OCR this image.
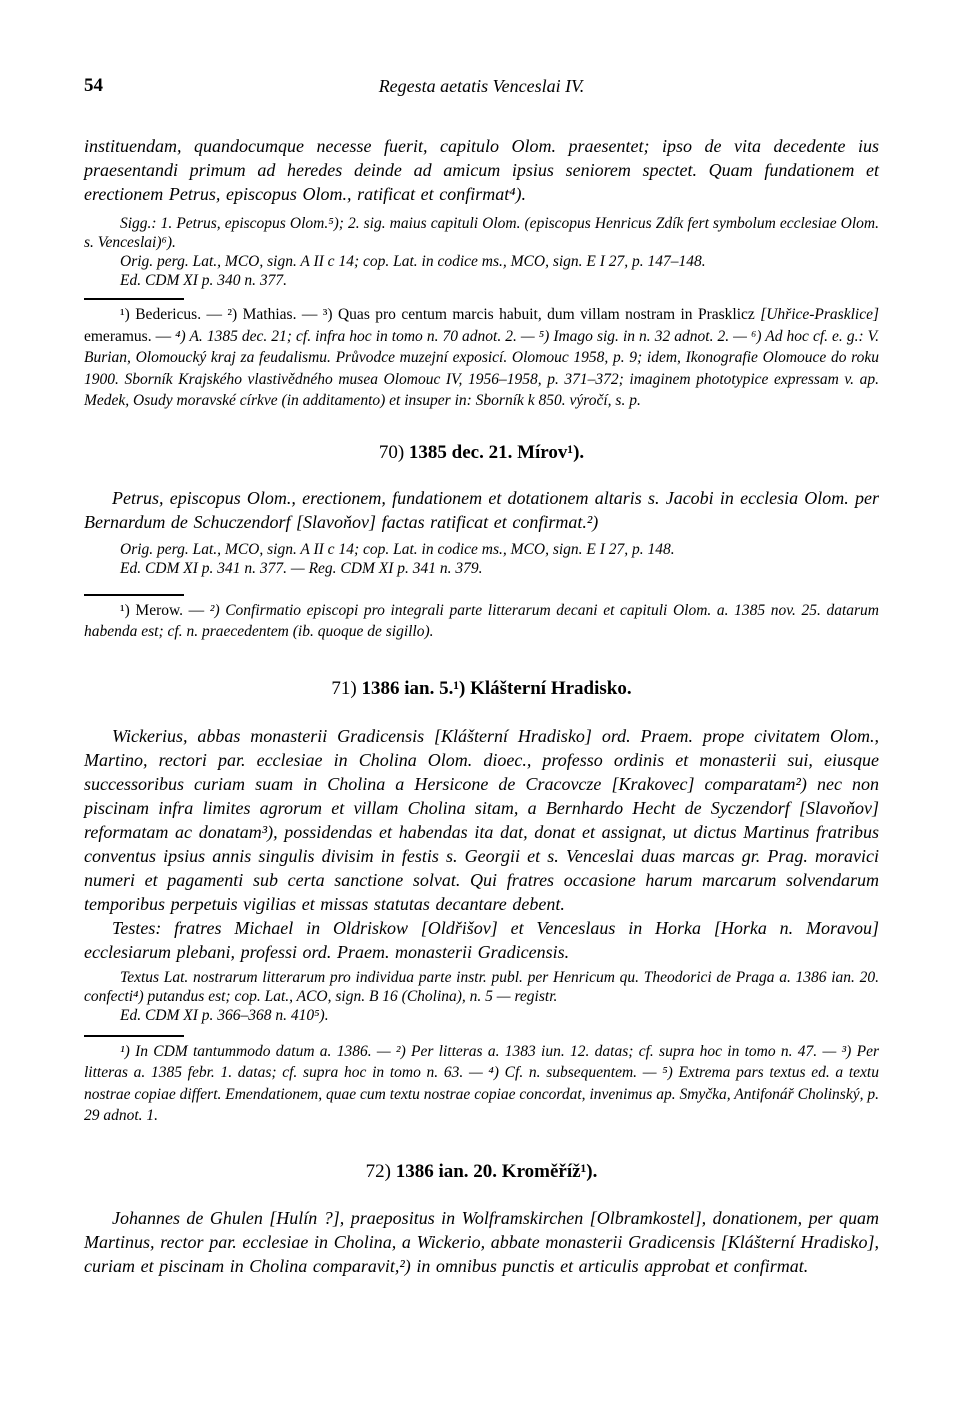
54	Regesta aetatis Venceslai IV.

instituendam, quandocumque necesse fuerit, capitulo Olom. praesentet; ipso de vita decedente ius praesentandi primum ad heredes deinde ad amicum ipsius seniorem spectet. Quam fundationem et erectionem Petrus, episcopus Olom., ratificat et confirmat⁴).

Sigg.: 1. Petrus, episcopus Olom.⁵); 2. sig. maius capituli Olom. (episcopus Henricus Zdík fert symbolum ecclesiae Olom. s. Venceslai)⁶).

Orig. perg. Lat., MCO, sign. A II c 14; cop. Lat. in codice ms., MCO, sign. E I 27, p. 147–148.

Ed. CDM XI p. 340 n. 377.

¹) Bedericus. — ²) Mathias. — ³) Quas pro centum marcis habuit, dum villam nostram in Prasklicz [Uhřice-Prasklice] emeramus. — ⁴) A. 1385 dec. 21; cf. infra hoc in tomo n. 70 adnot. 2. — ⁵) Imago sig. in n. 32 adnot. 2. — ⁶) Ad hoc cf. e. g.: V. Burian, Olomoucký kraj za feudalismu. Průvodce muzejní exposicí. Olomouc 1958, p. 9; idem, Ikonografie Olomouce do roku 1900. Sborník Krajského vlastivědného musea Olomouc IV, 1956–1958, p. 371–372; imaginem phototypice expressam v. ap. Medek, Osudy moravské církve (in additamento) et insuper in: Sborník k 850. výročí, s. p.

70) 1385 dec. 21. Mírov¹).

Petrus, episcopus Olom., erectionem, fundationem et dotationem altaris s. Jacobi in ecclesia Olom. per Bernardum de Schuczendorf [Slavoňov] factas ratificat et confirmat.²)

Orig. perg. Lat., MCO, sign. A II c 14; cop. Lat. in codice ms., MCO, sign. E I 27, p. 148.

Ed. CDM XI p. 341 n. 377. — Reg. CDM XI p. 341 n. 379.

¹) Merow. — ²) Confirmatio episcopi pro integrali parte litterarum decani et capituli Olom. a. 1385 nov. 25. datarum habenda est; cf. n. praecedentem (ib. quoque de sigillo).

71) 1386 ian. 5.¹) Klášterní Hradisko.

Wickerius, abbas monasterii Gradicensis [Klášterní Hradisko] ord. Praem. prope civitatem Olom., Martino, rectori par. ecclesiae in Cholina Olom. dioec., professo ordinis et monasterii sui, eiusque successoribus curiam suam in Cholina a Hersicone de Cracovcze [Krakovec] comparatam²) nec non piscinam infra limites agrorum et villam Cholina sitam, a Bernhardo Hecht de Syczendorf [Slavoňov] reformatam ac donatam³), possidendas et habendas ita dat, donat et assignat, ut dictus Martinus fratribus conventus ipsius annis singulis divisim in festis s. Georgii et s. Venceslai duas marcas gr. Prag. moravici numeri et pagamenti sub certa sanctione solvat. Qui fratres occasione harum marcarum solvendarum temporibus perpetuis vigilias et missas statutas decantare debent.

Testes: fratres Michael in Oldriskow [Oldřišov] et Venceslaus in Horka [Horka n. Moravou] ecclesiarum plebani, professi ord. Praem. monasterii Gradicensis.

Textus Lat. nostrarum litterarum pro individua parte instr. publ. per Henricum qu. Theodorici de Praga a. 1386 ian. 20. confecti⁴) putandus est; cop. Lat., ACO, sign. B 16 (Cholina), n. 5 — registr.

Ed. CDM XI p. 366–368 n. 410⁵).

¹) In CDM tantummodo datum a. 1386. — ²) Per litteras a. 1383 iun. 12. datas; cf. supra hoc in tomo n. 47. — ³) Per litteras a. 1385 febr. 1. datas; cf. supra hoc in tomo n. 63. — ⁴) Cf. n. subsequentem. — ⁵) Extrema pars textus ed. a textu nostrae copiae differt. Emendationem, quae cum textu nostrae copiae concordat, invenimus ap. Smyčka, Antifonář Cholinský, p. 29 adnot. 1.

72) 1386 ian. 20. Kroměříž¹).

Johannes de Ghulen [Hulín ?], praepositus in Wolframskirchen [Olbramkostel], donationem, per quam Martinus, rector par. ecclesiae in Cholina, a Wickerio, abbate monasterii Gradicensis [Klášterní Hradisko], curiam et piscinam in Cholina comparavit,²) in omnibus punctis et articulis approbat et confirmat.
